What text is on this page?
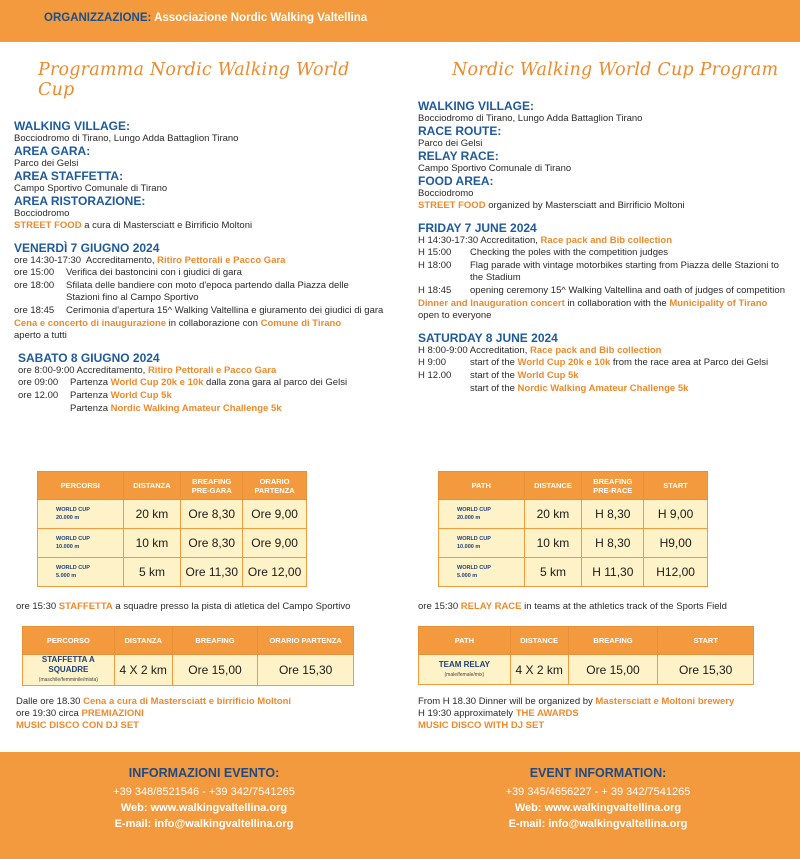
ORGANIZZAZIONE: Associazione Nordic Walking Valtellina
Programma Nordic Walking World Cup
WALKING VILLAGE:
Bocciodromo di Tirano, Lungo Adda Battaglion Tirano
AREA GARA:
Parco dei Gelsi
AREA STAFFETTA:
Campo Sportivo Comunale di Tirano
AREA RISTORAZIONE:
Bocciodromo
STREET FOOD a cura di Mastersciatt e Birrificio Moltoni
VENERDÌ 7 GIUGNO 2024
ore 14:30-17:30 Accreditamento, Ritiro Pettorali e Pacco Gara
ore 15:00	Verifica dei bastoncini con i giudici di gara
ore 18:00	Sfilata delle bandiere con moto d'epoca partendo dalla Piazza delle Stazioni fino al Campo Sportivo
ore 18:45	Cerimonia d'apertura 15^ Walking Valtellina e giuramento dei giudici di gara
Cena e concerto di inaugurazione in collaborazione con Comune di Tirano
aperto a tutti
SABATO 8 GIUGNO 2024
ore 8:00-9:00 Accreditamento, Ritiro Pettorali e Pacco Gara
ore 09:00	Partenza World Cup 20k e 10k dalla zona gara al parco dei Gelsi
ore 12.00	Partenza World Cup 5k
Partenza Nordic Walking Amateur Challenge 5k
PERCORSI	DISTANZA	BREAFING PRE-GARA	ORARIO PARTENZA
WORLD CUP
20.000 m	20 km	Ore 8,30	Ore 9,00
WORLD CUP
10.000 m	10 km	Ore 8,30	Ore 9,00
WORLD CUP
5.000 m	5 km	Ore 11,30	Ore 12,00
ore 15:30 STAFFETTA a squadre presso la pista di atletica del Campo Sportivo
PERCORSO	DISTANZA	BREAFING	ORARIO PARTENZA
STAFFETTA A SQUADRE
(maschile/femminile/mista)	4 X 2 km	Ore 15,00	Ore 15,30
Dalle ore 18.30 Cena a cura di Mastersciatt e birrificio Moltoni
ore 19:30 circa PREMIAZIONI
MUSIC DISCO CON DJ SET
Nordic Walking World Cup Program
WALKING VILLAGE:
Bocciodromo di Tirano, Lungo Adda Battaglion Tirano
RACE ROUTE:
Parco dei Gelsi
RELAY RACE:
Campo Sportivo Comunale di Tirano
FOOD AREA:
Bocciodromo
STREET FOOD organized by Mastersciatt and Birrificio Moltoni
FRIDAY 7 JUNE 2024
H 14:30-17:30 Accreditation, Race pack and Bib collection
H 15:00	Checking the poles with the competition judges
H 18:00	Flag parade with vintage motorbikes starting from Piazza delle Stazioni to the Stadium
H 18:45	opening ceremony 15^ Walking Valtellina and oath of judges of competition
Dinner and Inauguration concert in collaboration with the Municipality of Tirano
open to everyone
SATURDAY 8 JUNE 2024
H 8:00-9:00 Accreditation, Race pack and Bib collection
H 9:00	start of the World Cup 20k e 10k from the race area at Parco dei Gelsi
H 12.00	start of the World Cup 5k
start of the Nordic Walking Amateur Challenge 5k
PATH	DISTANCE	BREAFING PRE-RACE	START
WORLD CUP
20.000 m	20 km	H 8,30	H 9,00
WORLD CUP
10.000 m	10 km	H 8,30	H9,00
WORLD CUP
5.000 m	5 km	H 11,30	H12,00
ore 15:30 RELAY RACE in teams at the athletics track of the Sports Field
PATH	DISTANCE	BREAFING	START
TEAM RELAY
(male/female/mix)	4 X 2 km	Ore 15,00	Ore 15,30
From H 18.30 Dinner will be organized by Mastersciatt e Moltoni brewery
H 19:30 approximately THE AWARDS
MUSIC DISCO WITH DJ SET
INFORMAZIONI EVENTO:
+39 348/8521546 - +39 342/7541265
Web: www.walkingvaltellina.org
E-mail: info@walkingvaltellina.org
EVENT INFORMATION:
+39 345/4656227 - + 39 342/7541265
Web: www.walkingvaltellina.org
E-mail: info@walkingvaltellina.org
